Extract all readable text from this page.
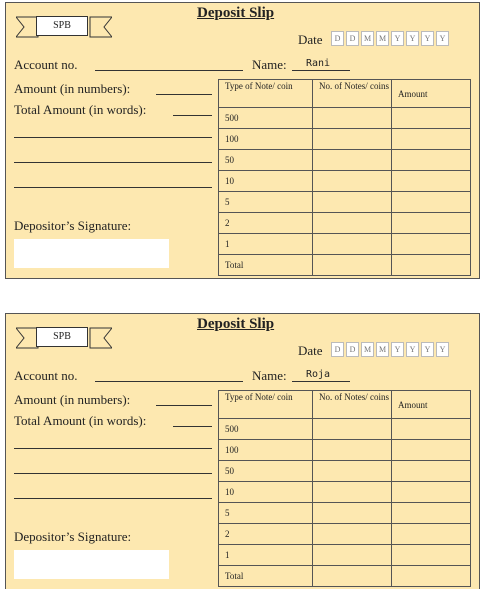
SPB
Deposit Slip
Date	D	D	M M	Y	Y	Y	Y
Account no.	Name: Rani
Amount (in numbers):
Total Amount (in words):
Depositor’s Signature:
Type of Note/ coin	No. of Notes/ coins	Amount
500		
100		
50		
10		
5		
2		
1		
Total		
SPB
Deposit Slip
Date	D	D	M M	Y	Y	Y	Y
Account no.	Name: Roja
Amount (in numbers):
Total Amount (in words):
Depositor’s Signature:
Type of Note/ coin	No. of Notes/ coins	Amount
500		
100		
50		
10		
5		
2		
1		
Total		
